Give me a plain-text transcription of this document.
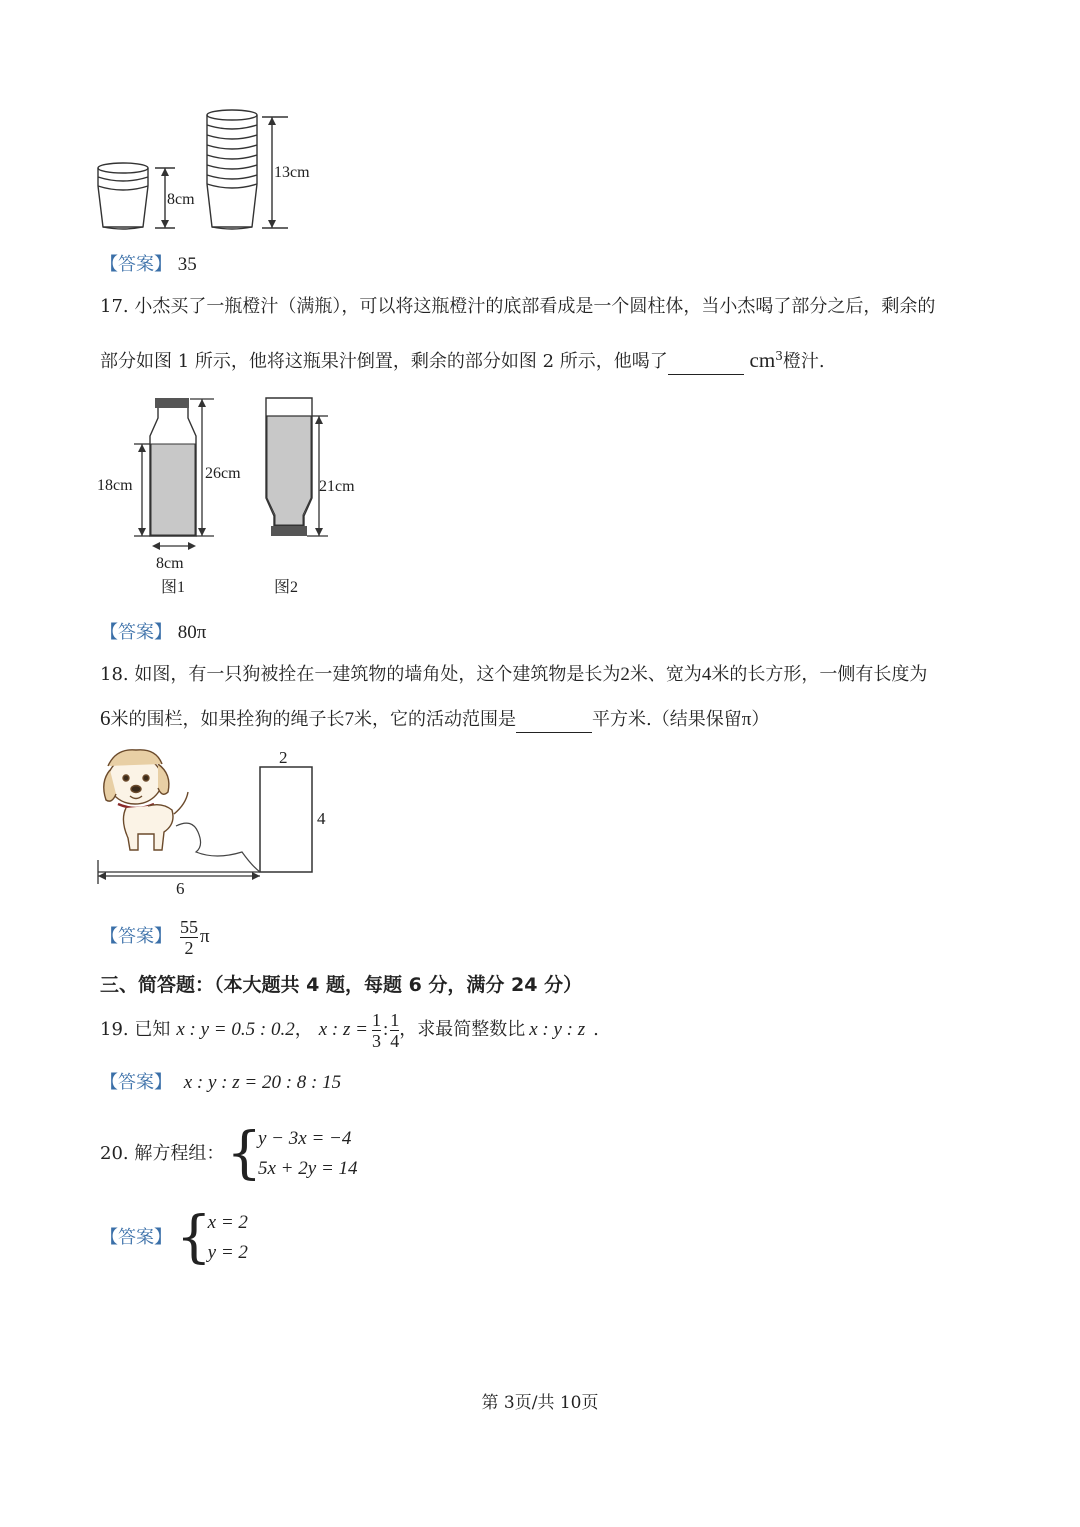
8cm
13cm
【答案】 35
17. 小杰买了一瓶橙汁（满瓶），可以将这瓶橙汁的底部看成是一个圆柱体，当小杰喝了部分之后，剩余的
部分如图 1 所示，他将这瓶果汁倒置，剩余的部分如图 2 所示，他喝了	$cm^3$橙汁.
26cm
18cm
8cm
图1
21cm
图2
【答案】 80π
18. 如图，有一只狗被拴在一建筑物的墙角处，这个建筑物是长为2米、宽为4米的长方形，一侧有长度为
6米的围栏，如果拴狗的绳子长7米，它的活动范围是	平方米.（结果保留π）
2
4
6
【答案】 $\frac{55}{2}$ π
三、简答题：（本大题共 4 题，每题 6 分，满分 24 分）
19. 已知 x : y = 0.5 : 0.2 ， x : $z = \frac{1}{3}$ : $\frac{1}{4}$ ，求最简整数比 x : y : z .
【答案】 x : y : z = 20 : 8 : 15
20. 解方程组： {
y − 3x = −4
5x + 2y = 14
【答案】 {
x = 2
y = 2
第 3页/共 10页
